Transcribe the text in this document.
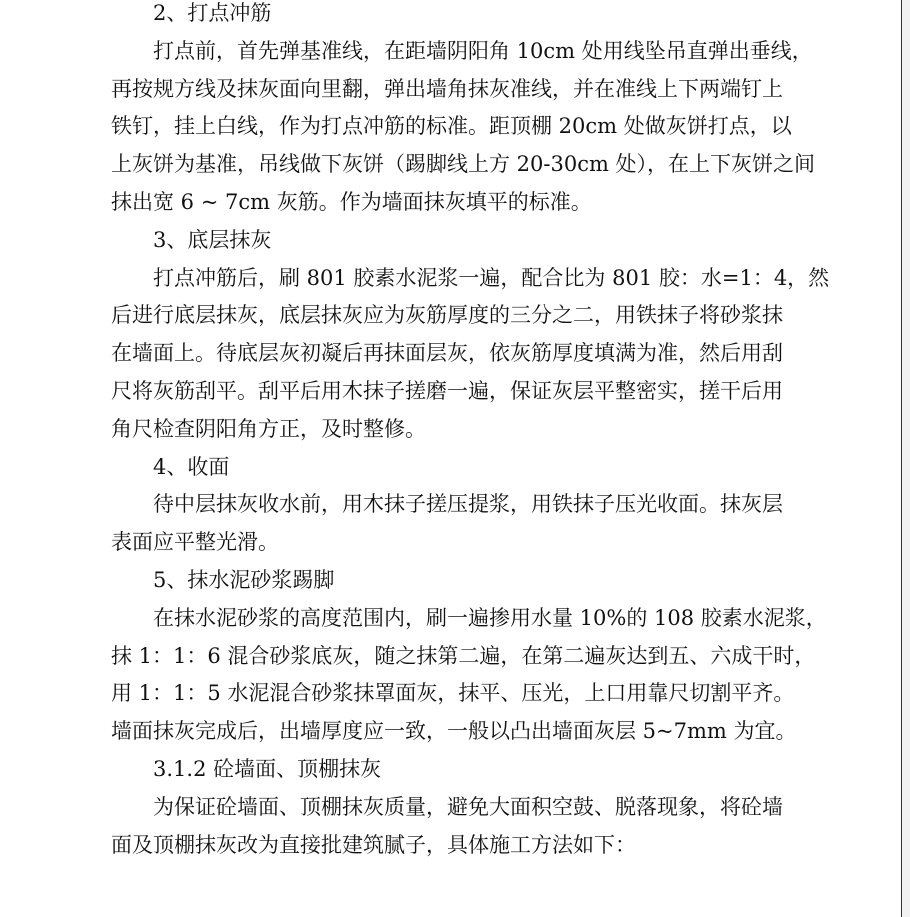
2、打点冲筋
打点前，首先弹基准线，在距墙阴阳角 10cm 处用线坠吊直弹出垂线，
再按规方线及抹灰面向里翻，弹出墙角抹灰准线，并在准线上下两端钉上
铁钉，挂上白线，作为打点冲筋的标准。距顶棚 20cm 处做灰饼打点，以
上灰饼为基准，吊线做下灰饼（踢脚线上方 20-30cm 处），在上下灰饼之间
抹出宽 6 ~ 7cm 灰筋。作为墙面抹灰填平的标准。
3、底层抹灰
打点冲筋后，刷 801 胶素水泥浆一遍，配合比为 801 胶：水=1：4，然
后进行底层抹灰，底层抹灰应为灰筋厚度的三分之二，用铁抹子将砂浆抹
在墙面上。待底层灰初凝后再抹面层灰，依灰筋厚度填满为准，然后用刮
尺将灰筋刮平。刮平后用木抹子搓磨一遍，保证灰层平整密实，搓干后用
角尺检查阴阳角方正，及时整修。
4、收面
待中层抹灰收水前，用木抹子搓压提浆，用铁抹子压光收面。抹灰层
表面应平整光滑。
5、抹水泥砂浆踢脚
在抹水泥砂浆的高度范围内，刷一遍掺用水量 10%的 108 胶素水泥浆，
抹 1：1：6 混合砂浆底灰，随之抹第二遍，在第二遍灰达到五、六成干时，
用 1：1：5 水泥混合砂浆抹罩面灰，抹平、压光，上口用靠尺切割平齐。
墙面抹灰完成后，出墙厚度应一致，一般以凸出墙面灰层 5~7mm 为宜。
3.1.2 砼墙面、顶棚抹灰
为保证砼墙面、顶棚抹灰质量，避免大面积空鼓、脱落现象，将砼墙
面及顶棚抹灰改为直接批建筑腻子，具体施工方法如下：
